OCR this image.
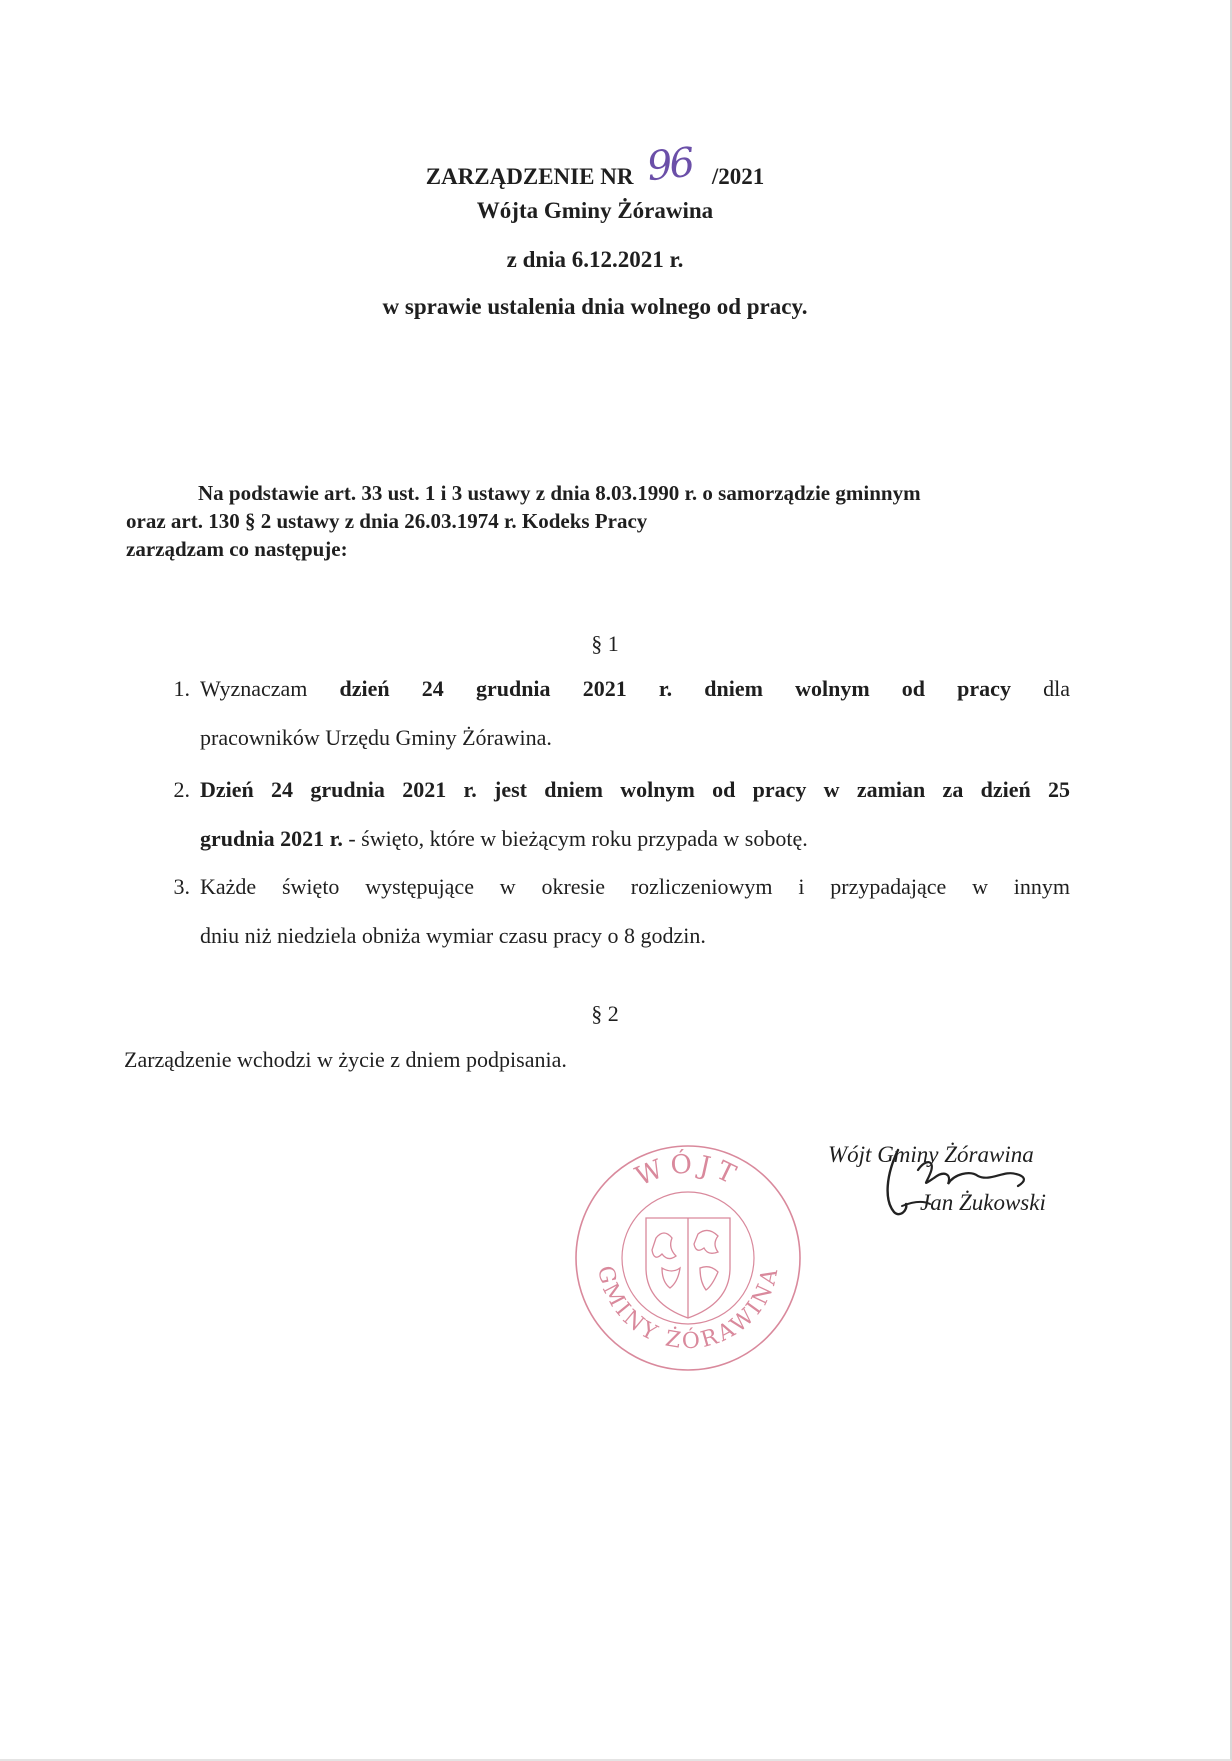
ZARZĄDZENIE NR 96 /2021
Wójta Gminy Żórawina
z dnia 6.12.2021 r.
w sprawie ustalenia dnia wolnego od pracy.
Na podstawie art. 33 ust. 1 i 3 ustawy z dnia 8.03.1990 r. o samorządzie gminnym
oraz art. 130 § 2 ustawy z dnia 26.03.1974 r. Kodeks Pracy
zarządzam co następuje:
§ 1
1. Wyznaczam dzień 24 grudnia 2021 r. dniem wolnym od pracy dla
pracowników Urzędu Gminy Żórawina.
2. Dzień 24 grudnia 2021 r. jest dniem wolnym od pracy w zamian za dzień 25
grudnia 2021 r. - święto, które w bieżącym roku przypada w sobotę.
3. Każde święto występujące w okresie rozliczeniowym i przypadające w innym
dniu niż niedziela obniża wymiar czasu pracy o 8 godzin.
§ 2
Zarządzenie wchodzi w życie z dniem podpisania.
WÓJT
GMINY ŻÓRAWINA
Wójt Gminy Żórawina
Jan Żukowski
